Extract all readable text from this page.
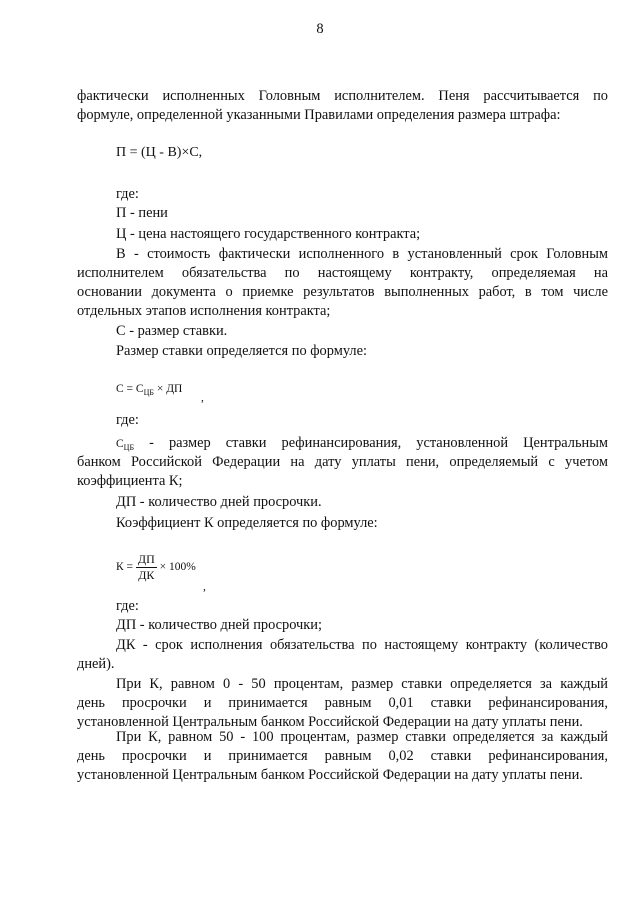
8
фактически исполненных Головным исполнителем. Пеня рассчитывается по
формуле, определенной указанными Правилами определения размера штрафа:
П = (Ц - В)×С,
где:
П - пени
Ц - цена настоящего государственного контракта;
В - стоимость фактически исполненного в установленный срок Головным
исполнителем обязательства по настоящему контракту, определяемая на
основании документа о приемке результатов выполненных работ, в том числе
отдельных этапов исполнения контракта;
С - размер ставки.
Размер ставки определяется по формуле:
$С = С_{ЦБ}$ × ДП
,
где:
$С_{ЦБ}$ - размер ставки рефинансирования, установленной Центральным
банком Российской Федерации на дату уплаты пени, определяемый с учетом
коэффициента К;
ДП - количество дней просрочки.
Коэффициент К определяется по формуле:
$К = \frac{ДП}{ДК} \times 100\%$
,
где:
ДП - количество дней просрочки;
ДК - срок исполнения обязательства по настоящему контракту (количество
дней).
При К, равном 0 - 50 процентам, размер ставки определяется за каждый
день просрочки и принимается равным 0,01 ставки рефинансирования,
установленной Центральным банком Российской Федерации на дату уплаты пени.
При К, равном 50 - 100 процентам, размер ставки определяется за каждый
день просрочки и принимается равным 0,02 ставки рефинансирования,
установленной Центральным банком Российской Федерации на дату уплаты пени.
